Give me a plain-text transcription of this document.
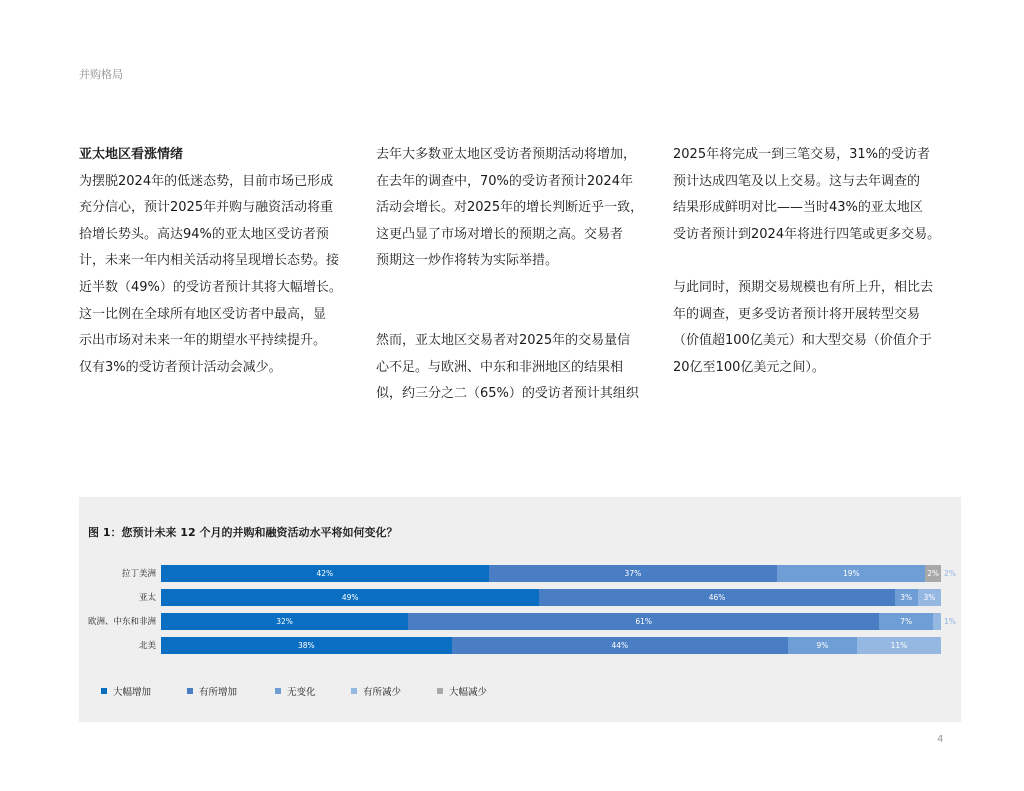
并购格局

亚太地区看涨情绪

为摆脱2024年的低迷态势，目前市场已形成

充分信心，预计2025年并购与融资活动将重

拾增长势头。高达94%的亚太地区受访者预

计，未来一年内相关活动将呈现增长态势。接

近半数（49%）的受访者预计其将大幅增长。

这一比例在全球所有地区受访者中最高，显

示出市场对未来一年的期望水平持续提升。

仅有3%的受访者预计活动会减少。

去年大多数亚太地区受访者预期活动将增加，

在去年的调查中，70%的受访者预计2024年

活动会增长。对2025年的增长判断近乎一致，

这更凸显了市场对增长的预期之高。交易者

预期这一炒作将转为实际举措。

然而，亚太地区交易者对2025年的交易量信

心不足。与欧洲、中东和非洲地区的结果相

似，约三分之二（65%）的受访者预计其组织

2025年将完成一到三笔交易，31%的受访者

预计达成四笔及以上交易。这与去年调查的

结果形成鲜明对比——当时43%的亚太地区

受访者预计到2024年将进行四笔或更多交易。

与此同时，预期交易规模也有所上升，相比去

年的调查，更多受访者预计将开展转型交易

（价值超100亿美元）和大型交易（价值介于

20亿至100亿美元之间）。

图 1：您预计未来 12 个月的并购和融资活动水平将如何变化？
拉丁美洲	42%	37%	19%	2% 2%
亚太	49%	46%	3%	3%
欧洲、中东和非洲	32%	61%	7%	1%
北美	38%	44%	9%	11%
大幅增加	有所增加	无变化	有所减少	大幅减少
4
